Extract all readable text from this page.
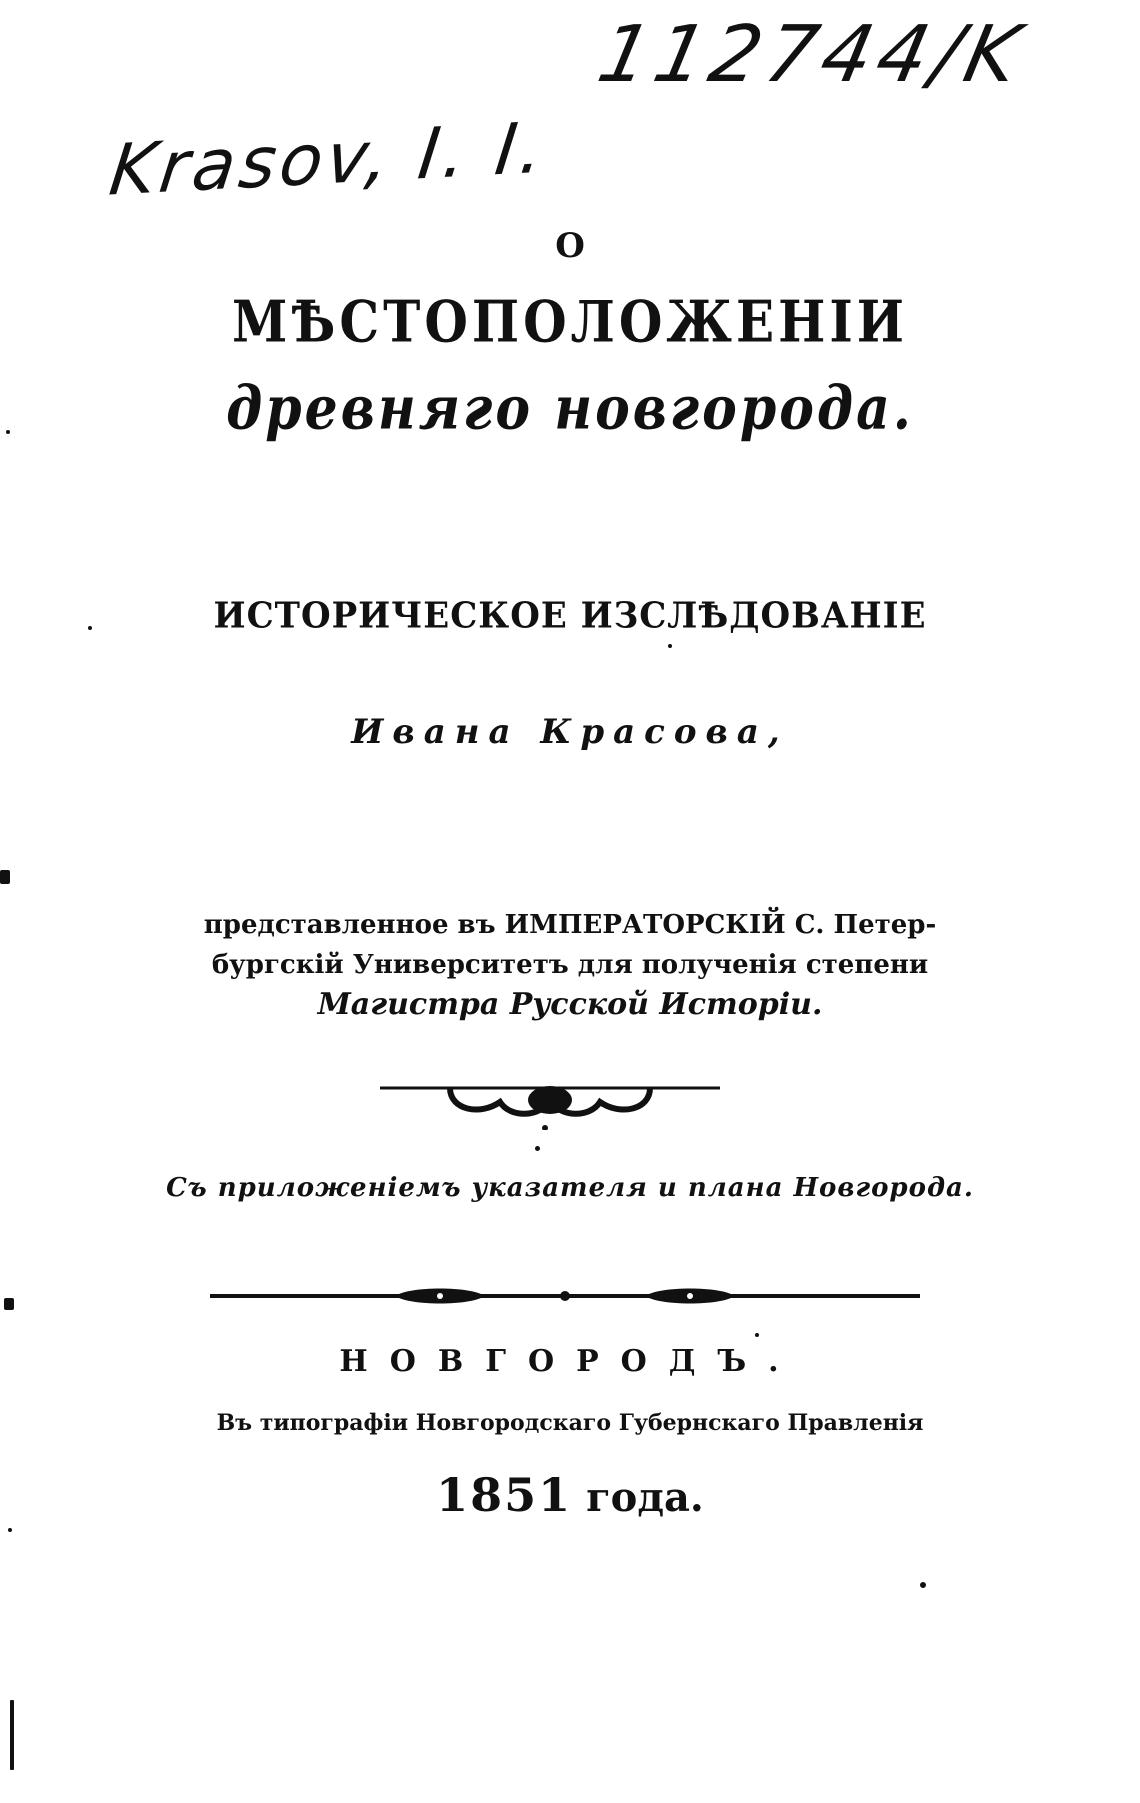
112744/K
Krasov, I. I.
О
МѢСТОПОЛОЖЕНІИ
древняго новгорода.
ИСТОРИЧЕСКОЕ ИЗСЛѢДОВАНІЕ
Ивана Красова,
представленное въ ИМПЕРАТОРСКІЙ С. Петер-
бургскій Университетъ для полученія степени
Магистра Русской Исторіи.
Съ приложеніемъ указателя и плана Новгорода.
НОВГОРОДЪ.
Въ типографіи Новгородскаго Губернскаго Правленія
1851 года.
